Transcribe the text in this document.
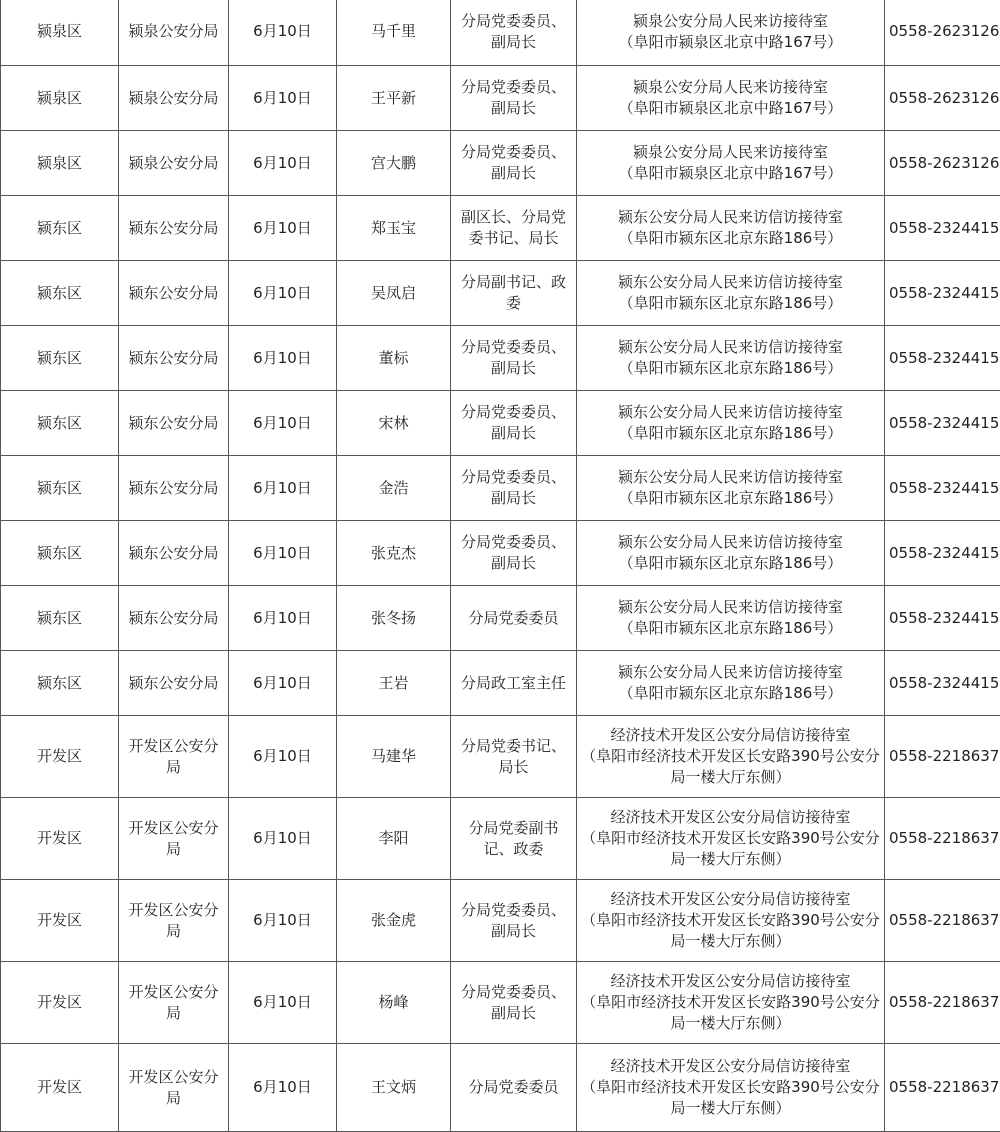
颍泉区	颍泉公安分局	6月10日	马千里	分局党委委员、副局长	颍泉公安分局人民来访接待室
（阜阳市颍泉区北京中路167号）	0558-2623126
颍泉区	颍泉公安分局	6月10日	王平新	分局党委委员、副局长	颍泉公安分局人民来访接待室
（阜阳市颍泉区北京中路167号）	0558-2623126
颍泉区	颍泉公安分局	6月10日	宫大鹏	分局党委委员、副局长	颍泉公安分局人民来访接待室
（阜阳市颍泉区北京中路167号）	0558-2623126
颍东区	颍东公安分局	6月10日	郑玉宝	副区长、分局党委书记、局长	颍东公安分局人民来访信访接待室
（阜阳市颍东区北京东路186号）	0558-2324415
颍东区	颍东公安分局	6月10日	吴凤启	分局副书记、政委	颍东公安分局人民来访信访接待室
（阜阳市颍东区北京东路186号）	0558-2324415
颍东区	颍东公安分局	6月10日	董标	分局党委委员、副局长	颍东公安分局人民来访信访接待室
（阜阳市颍东区北京东路186号）	0558-2324415
颍东区	颍东公安分局	6月10日	宋林	分局党委委员、副局长	颍东公安分局人民来访信访接待室
（阜阳市颍东区北京东路186号）	0558-2324415
颍东区	颍东公安分局	6月10日	金浩	分局党委委员、副局长	颍东公安分局人民来访信访接待室
（阜阳市颍东区北京东路186号）	0558-2324415
颍东区	颍东公安分局	6月10日	张克杰	分局党委委员、副局长	颍东公安分局人民来访信访接待室
（阜阳市颍东区北京东路186号）	0558-2324415
颍东区	颍东公安分局	6月10日	张冬扬	分局党委委员	颍东公安分局人民来访信访接待室
（阜阳市颍东区北京东路186号）	0558-2324415
颍东区	颍东公安分局	6月10日	王岩	分局政工室主任	颍东公安分局人民来访信访接待室
（阜阳市颍东区北京东路186号）	0558-2324415
开发区	开发区公安分局	6月10日	马建华	分局党委书记、局长	经济技术开发区公安分局信访接待室
（阜阳市经济技术开发区长安路390号公安分局一楼大厅东侧）	0558-2218637
开发区	开发区公安分局	6月10日	李阳	分局党委副书记、政委	经济技术开发区公安分局信访接待室
（阜阳市经济技术开发区长安路390号公安分局一楼大厅东侧）	0558-2218637
开发区	开发区公安分局	6月10日	张金虎	分局党委委员、副局长	经济技术开发区公安分局信访接待室
（阜阳市经济技术开发区长安路390号公安分局一楼大厅东侧）	0558-2218637
开发区	开发区公安分局	6月10日	杨峰	分局党委委员、副局长	经济技术开发区公安分局信访接待室
（阜阳市经济技术开发区长安路390号公安分局一楼大厅东侧）	0558-2218637
开发区	开发区公安分局	6月10日	王文炳	分局党委委员	经济技术开发区公安分局信访接待室
（阜阳市经济技术开发区长安路390号公安分局一楼大厅东侧）	0558-2218637
